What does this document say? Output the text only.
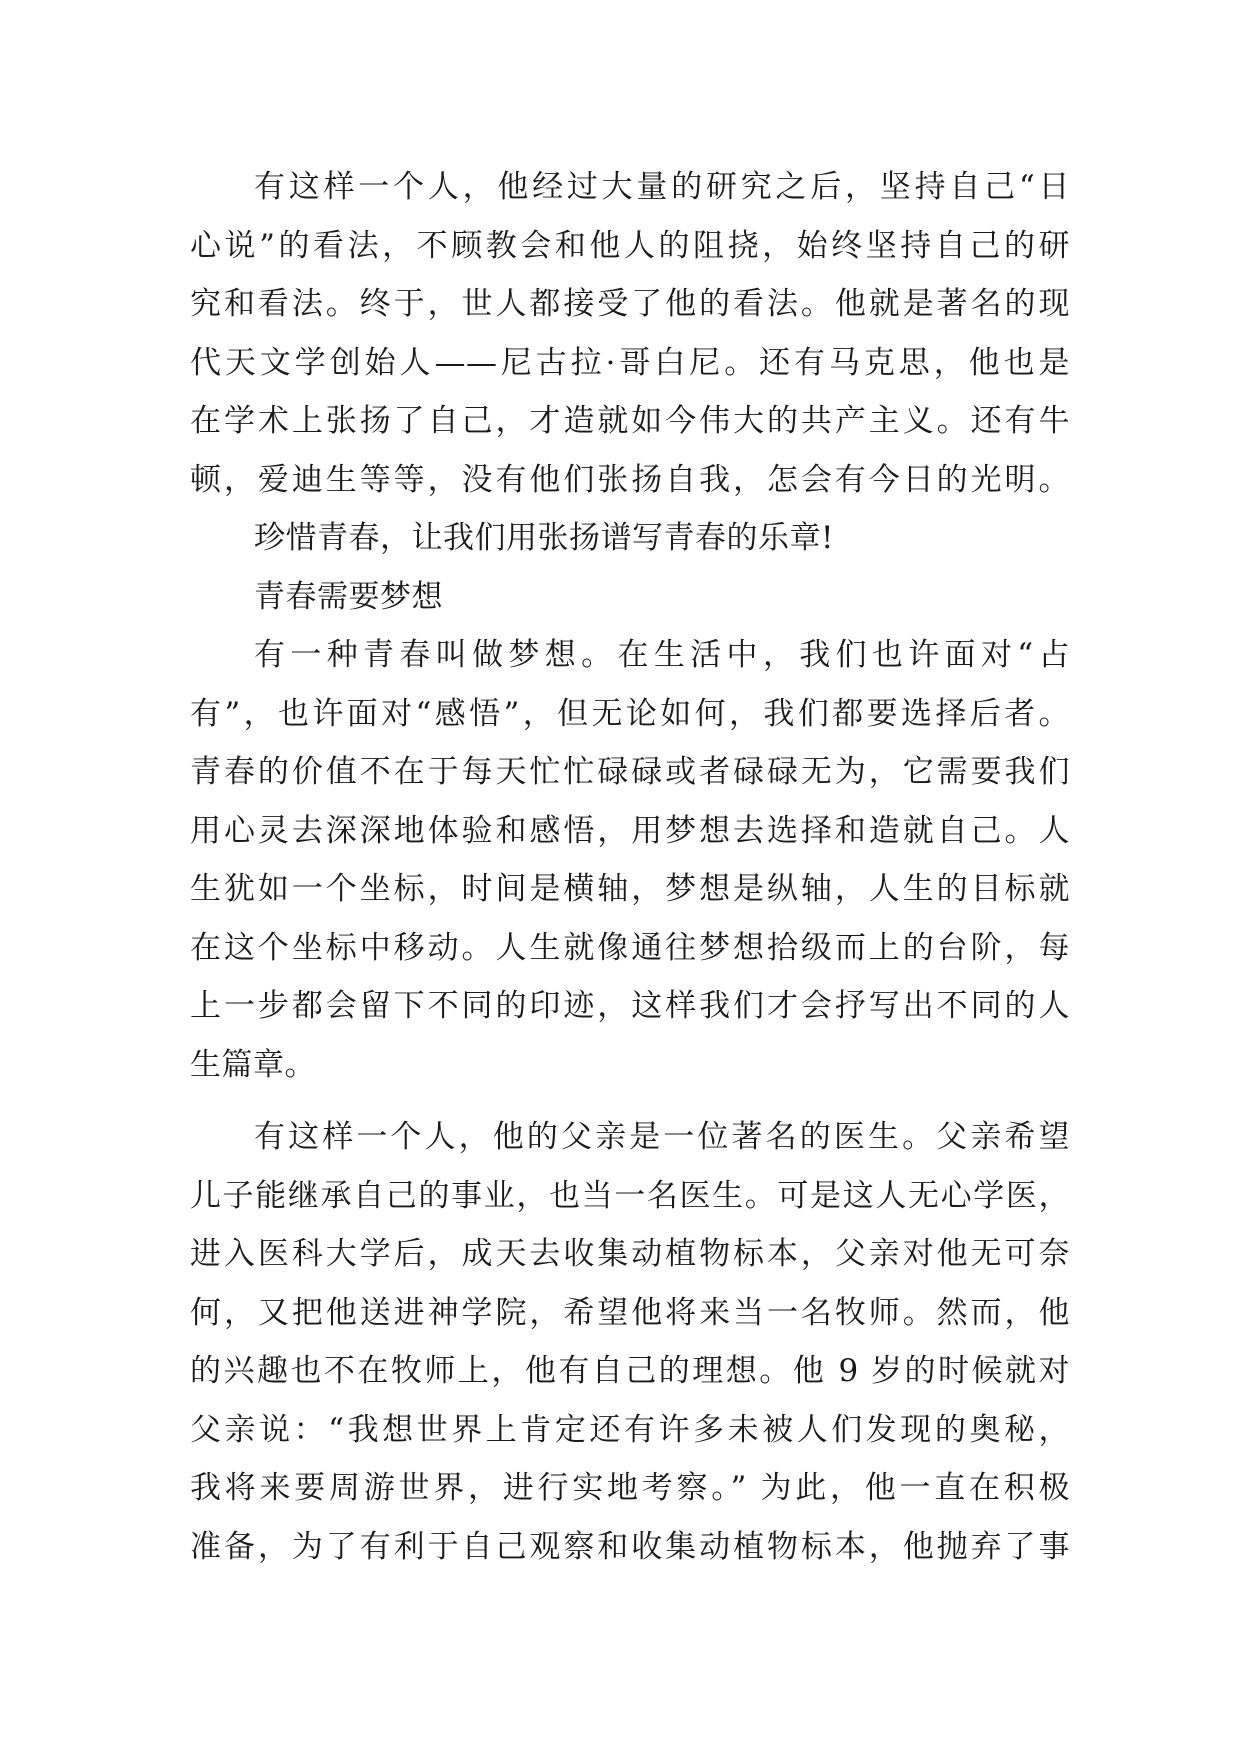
有这样一个人，他经过大量的研究之后，坚持自己“日
心说”的看法，不顾教会和他人的阻挠，始终坚持自己的研
究和看法。终于，世人都接受了他的看法。他就是著名的现
代天文学创始人——尼古拉·哥白尼。还有马克思，他也是
在学术上张扬了自己，才造就如今伟大的共产主义。还有牛
顿，爱迪生等等，没有他们张扬自我，怎会有今日的光明。
珍惜青春，让我们用张扬谱写青春的乐章!
青春需要梦想
有一种青春叫做梦想。在生活中，我们也许面对“占
有”，也许面对“感悟”，但无论如何，我们都要选择后者。
青春的价值不在于每天忙忙碌碌或者碌碌无为，它需要我们
用心灵去深深地体验和感悟，用梦想去选择和造就自己。人
生犹如一个坐标，时间是横轴，梦想是纵轴，人生的目标就
在这个坐标中移动。人生就像通往梦想拾级而上的台阶，每
上一步都会留下不同的印迹，这样我们才会抒写出不同的人
生篇章。
有这样一个人，他的父亲是一位著名的医生。父亲希望
儿子能继承自己的事业，也当一名医生。可是这人无心学医，
进入医科大学后，成天去收集动植物标本，父亲对他无可奈
何，又把他送进神学院，希望他将来当一名牧师。然而，他
的兴趣也不在牧师上，他有自己的理想。他 9 岁的时候就对
父亲说：“我想世界上肯定还有许多未被人们发现的奥秘，
我将来要周游世界，进行实地考察。” 为此，他一直在积极
准备，为了有利于自己观察和收集动植物标本，他抛弃了事
